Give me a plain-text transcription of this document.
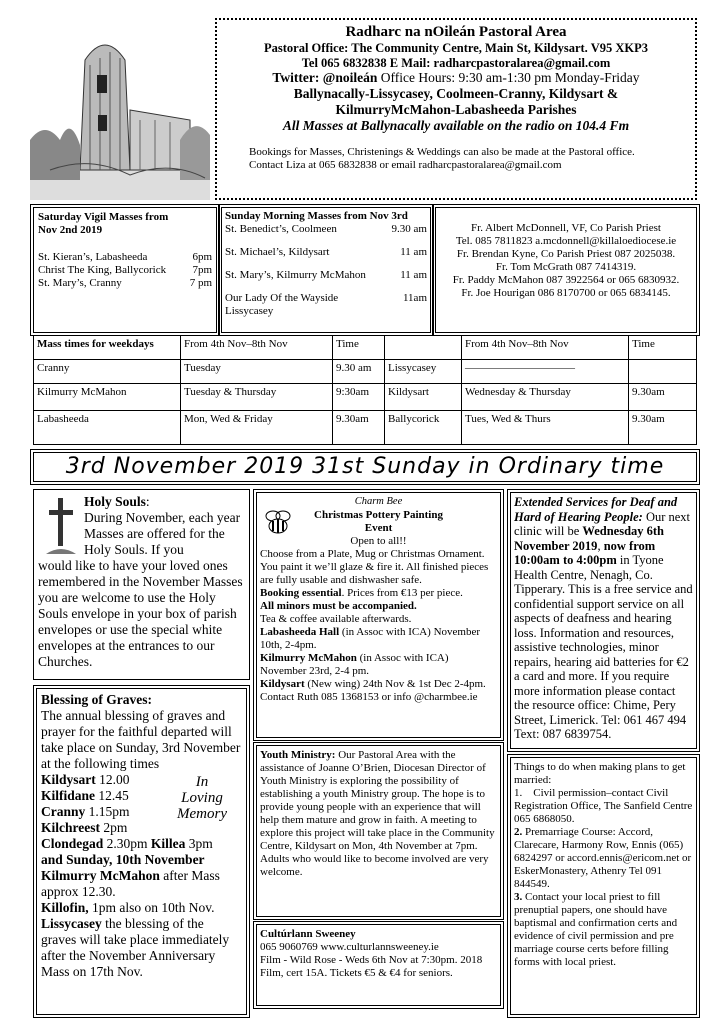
Radharc na nOileán Pastoral Area

Pastoral Office: The Community Centre, Main St, Kildysart. V95 XKP3

Tel 065 6832838 E Mail: radharcpastoralarea@gmail.com

Twitter: @noileán Office Hours: 9:30 am-1:30 pm Monday-Friday

Ballynacally-Lissycasey, Coolmeen-Cranny, Kildysart &

KilmurryMcMahon-Labasheeda Parishes

All Masses at Ballynacally available on the radio on 104.4 Fm

Bookings for Masses, Christenings & Weddings can also be made at the Pastoral office.

Contact Liza at 065 6832838 or email radharcpastoralarea@gmail.com

Saturday Vigil Masses from

Nov 2nd 2019

St. Kieran’s, Labasheeda	6pm
Christ The King, Ballycorick 7pm
St. Mary’s, Cranny	7 pm

Sunday Morning Masses from Nov 3rd

St. Benedict’s, Coolmeen	9.30 am
St. Michael’s, Kildysart	11 am
St. Mary’s, Kilmurry McMahon	11 am
Our Lady Of the Wayside Lissycasey
11am

Fr. Albert McDonnell, VF, Co Parish Priest

Tel. 085 7811823 a.mcdonnell@killaloediocese.ie

Fr. Brendan Kyne, Co Parish Priest 087 2025038.

Fr. Tom McGrath 087 7414319.

Fr. Paddy McMahon 087 3922564 or 065 6830932.

Fr. Joe Hourigan 086 8170700 or 065 6834145.

Mass times for weekdays	From 4th Nov–8th Nov	Time		From 4th Nov–8th Nov	Time
Cranny	Tuesday	9.30 am	Lissycasey	——————————	
Kilmurry McMahon	Tuesday & Thursday	9:30am	Kildysart	Wednesday & Thursday	9.30am
Labasheeda	Mon, Wed & Friday	9.30am	Ballycorick	Tues, Wed & Thurs	9.30am
3rd November 2019 31st Sunday in Ordinary time

Holy Souls:
During November, each year Masses are offered for the Holy Souls. If you

would like to have your loved ones remembered in the November Masses you are welcome to use the Holy Souls envelope in your box of parish envelopes or use the special white envelopes at the entrances to our Churches.

Blessing of Graves:

The annual blessing of graves and prayer for the faithful departed will take place on Sunday, 3rd November at the following times

In
Loving
Memory

Kildysart 12.00

Kilfidane 12.45

Cranny 1.15pm

Kilchreest 2pm

Clondegad 2.30pm Killea 3pm

and Sunday, 10th November

Kilmurry McMahon after Mass approx 12.30.

Killofin, 1pm also on 10th Nov.

Lissycasey the blessing of the graves will take place immediately after the November Anniversary Mass on 17th Nov.

Charm Bee

Christmas Pottery Painting

Event

Open to all!!

Choose from a Plate, Mug or Christmas Ornament. You paint it we’ll glaze & fire it. All finished pieces are fully usable and dishwasher safe.

Booking essential. Prices from €13 per piece.

All minors must be accompanied.

Tea & coffee available afterwards.

Labasheeda Hall (in Assoc with ICA) November 10th, 2-4pm.

Kilmurry McMahon (in Assoc with ICA) November 23rd, 2-4 pm.

Kildysart (New wing) 24th Nov & 1st Dec 2-4pm. Contact Ruth 085 1368153 or info @charmbee.ie

Youth Ministry: Our Pastoral Area with the assistance of Joanne O’Brien, Diocesan Director of Youth Ministry is exploring the possibility of establishing a youth Ministry group. The hope is to provide young people with an experience that will help them mature and grow in faith. A meeting to explore this project will take place in the Community Centre, Kildysart on Mon, 4th November at 7pm. Adults who would like to become involved are very welcome.

Cultúrlann Sweeney

065 9060769 www.culturlannsweeney.ie

Film - Wild Rose - Weds 6th Nov at 7:30pm. 2018 Film, cert 15A. Tickets €5 & €4 for seniors.

Extended Services for Deaf and Hard of Hearing People: Our next clinic will be Wednesday 6th November 2019, now from 10:00am to 4:00pm in Tyone Health Centre, Nenagh, Co. Tipperary. This is a free service and confidential support service on all aspects of deafness and hearing loss. Information and resources, assistive technologies, minor repairs, hearing aid batteries for €2 a card and more. If you require more information please contact the resource office: Chime, Pery Street, Limerick. Tel: 061 467 494 Text: 087 6839754.

Things to do when making plans to get married:

1. Civil permission–contact Civil Registration Office, The Sanfield Centre 065 6868050.

2. Premarriage Course: Accord, Clarecare, Harmony Row, Ennis (065) 6824297 or accord.ennis@ericom.net or EskerMonastery, Athenry Tel 091 844549.

3. Contact your local priest to fill prenuptial papers, one should have baptismal and confirmation certs and evidence of civil permission and pre marriage course certs before filling forms with local priest.
